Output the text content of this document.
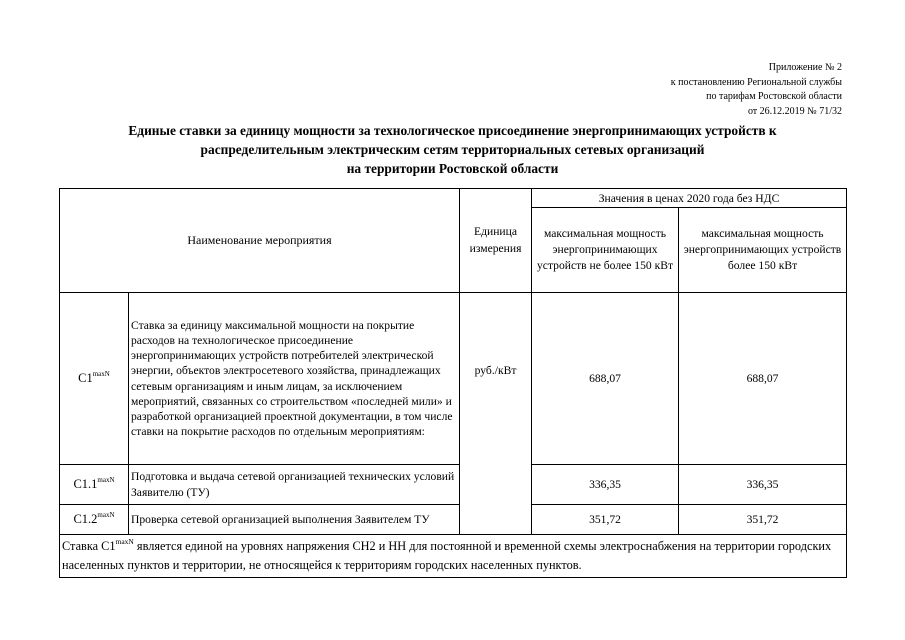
Приложение № 2
к постановлению Региональной службы
по тарифам Ростовской области
от 26.12.2019 № 71/32
Единые ставки за единицу мощности за технологическое присоединение энергопринимающих устройств к
распределительным электрическим сетям территориальных сетевых организаций
на территории Ростовской области
Наименование мероприятия		Единица измерения	Значения в ценах 2020 года без НДС	
			максимальная мощность энергопринимающих устройств не более 150 кВт	максимальная мощность энергопринимающих устройств более 150 кВт
$C1^{maxN}$	Ставка за единицу максимальной мощности на покрытие расходов на технологическое присоединение энергопринимающих устройств потребителей электрической энергии, объектов электросетевого хозяйства, принадлежащих сетевым организациям и иным лицам, за исключением мероприятий, связанных со строительством «последней мили» и разработкой организацией проектной документации, в том числе ставки на покрытие расходов по отдельным мероприятиям:	руб./кВт	688,07	688,07
$C1.1^{maxN}$	Подготовка и выдача сетевой организацией технических условий Заявителю (ТУ)		336,35	336,35
$C1.2^{maxN}$	Проверка сетевой организацией выполнения Заявителем ТУ		351,72	351,72
Ставка $C1^{maxN}$ является единой на уровнях напряжения СН2 и НН для постоянной и временной схемы электроснабжения на территории городских населенных пунктов и территории, не относящейся к территориям городских населенных пунктов.				
